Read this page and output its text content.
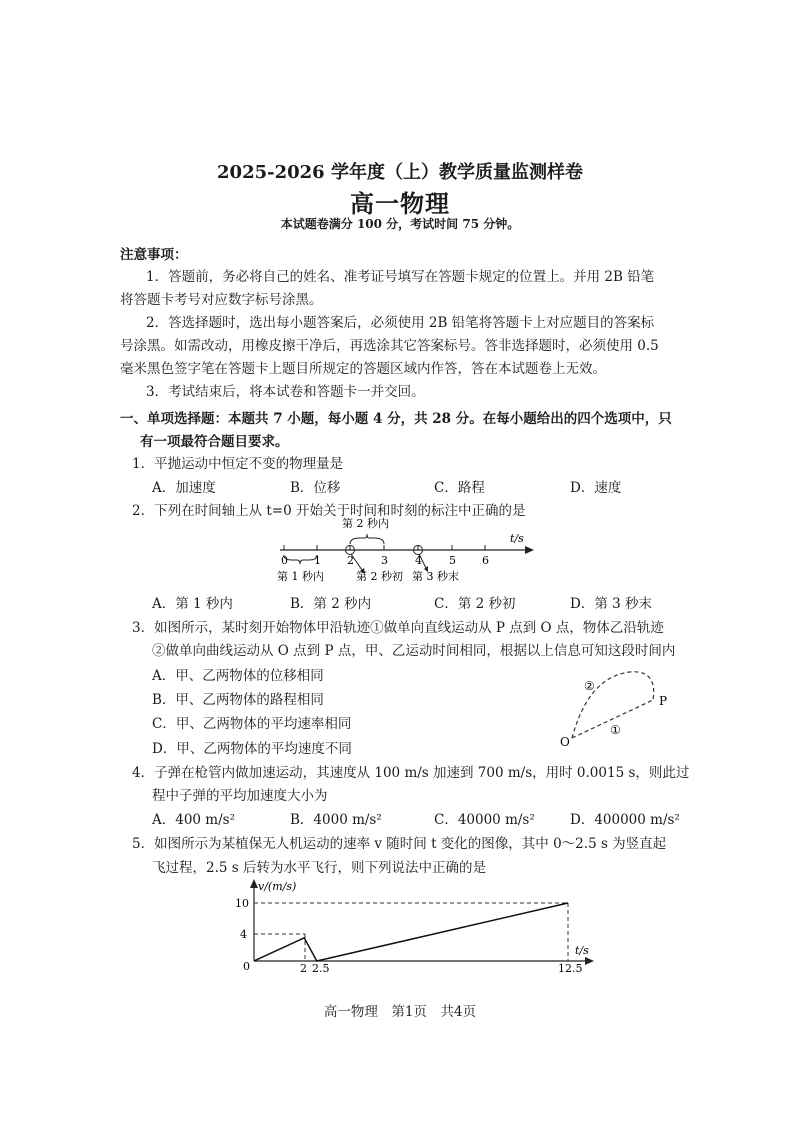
2025-2026 学年度（上）教学质量监测样卷
高一物理
本试题卷满分 100 分，考试时间 75 分钟。
注意事项：
1．答题前，务必将自己的姓名、准考证号填写在答题卡规定的位置上。并用 2B 铅笔
将答题卡考号对应数字标号涂黑。
2．答选择题时，选出每小题答案后，必须使用 2B 铅笔将答题卡上对应题目的答案标
号涂黑。如需改动，用橡皮擦干净后，再选涂其它答案标号。答非选择题时，必须使用 0.5
毫米黑色签字笔在答题卡上题目所规定的答题区域内作答，答在本试题卷上无效。
3．考试结束后，将本试卷和答题卡一并交回。
一、单项选择题：本题共 7 小题，每小题 4 分，共 28 分。在每小题给出的四个选项中，只
有一项最符合题目要求。
1．平抛运动中恒定不变的物理量是
A．加速度	B．位移	C．路程	D．速度
2．下列在时间轴上从 t=0 开始关于时间和时刻的标注中正确的是
0 1 2 3 4 5 6
t/s
第 2 秒内
第 1 秒内	第 2 秒初 第 3 秒末
A．第 1 秒内	B．第 2 秒内	C．第 2 秒初	D．第 3 秒末
3．如图所示，某时刻开始物体甲沿轨迹①做单向直线运动从 P 点到 O 点，物体乙沿轨迹
②做单向曲线运动从 O 点到 P 点，甲、乙运动时间相同，根据以上信息可知这段时间内
A．甲、乙两物体的位移相同
B．甲、乙两物体的路程相同
C．甲、乙两物体的平均速率相同
D．甲、乙两物体的平均速度不同	O
P
①
②
4．子弹在枪管内做加速运动，其速度从 100 m/s 加速到 700 m/s，用时 0.0015 s，则此过
程中子弹的平均加速度大小为
A．400 m/s²	B．4000 m/s²	C．40000 m/s²	D．400000 m/s²
5．如图所示为某植保无人机运动的速率 v 随时间 t 变化的图像，其中 0～2.5 s 为竖直起
飞过程，2.5 s 后转为水平飞行，则下列说法中正确的是
v/(m/s)
t/s
0
10
4
2 2.5	12.5
高一物理　第1页　共4页
